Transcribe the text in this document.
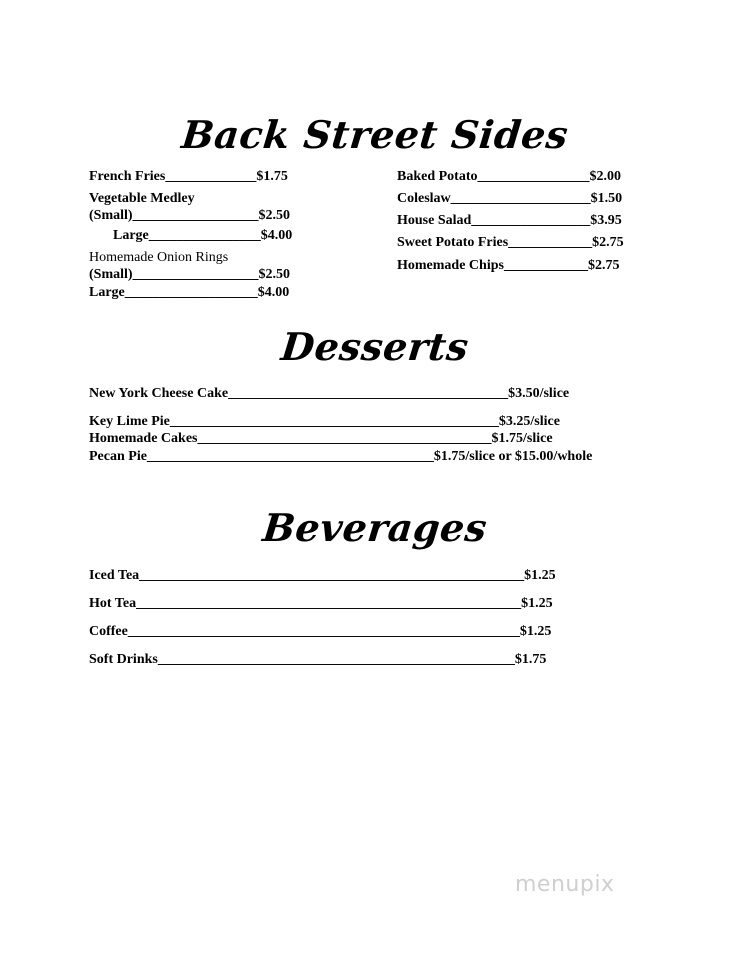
Back Street Sides
French Fries_____________$1.75
Vegetable Medley
(Small)__________________$2.50
Large________________$4.00
Homemade Onion Rings
(Small)__________________$2.50
Large___________________$4.00
Baked Potato________________$2.00
Coleslaw____________________$1.50
House Salad_________________$3.95
Sweet Potato Fries____________$2.75
Homemade Chips____________$2.75
Desserts
New York Cheese Cake________________________________________$3.50/slice
Key Lime Pie_______________________________________________$3.25/slice
Homemade Cakes__________________________________________$1.75/slice
Pecan Pie_________________________________________$1.75/slice or $15.00/whole
Beverages
Iced Tea_______________________________________________________$1.25
Hot Tea_______________________________________________________$1.25
Coffee________________________________________________________$1.25
Soft Drinks___________________________________________________$1.75
menupix
